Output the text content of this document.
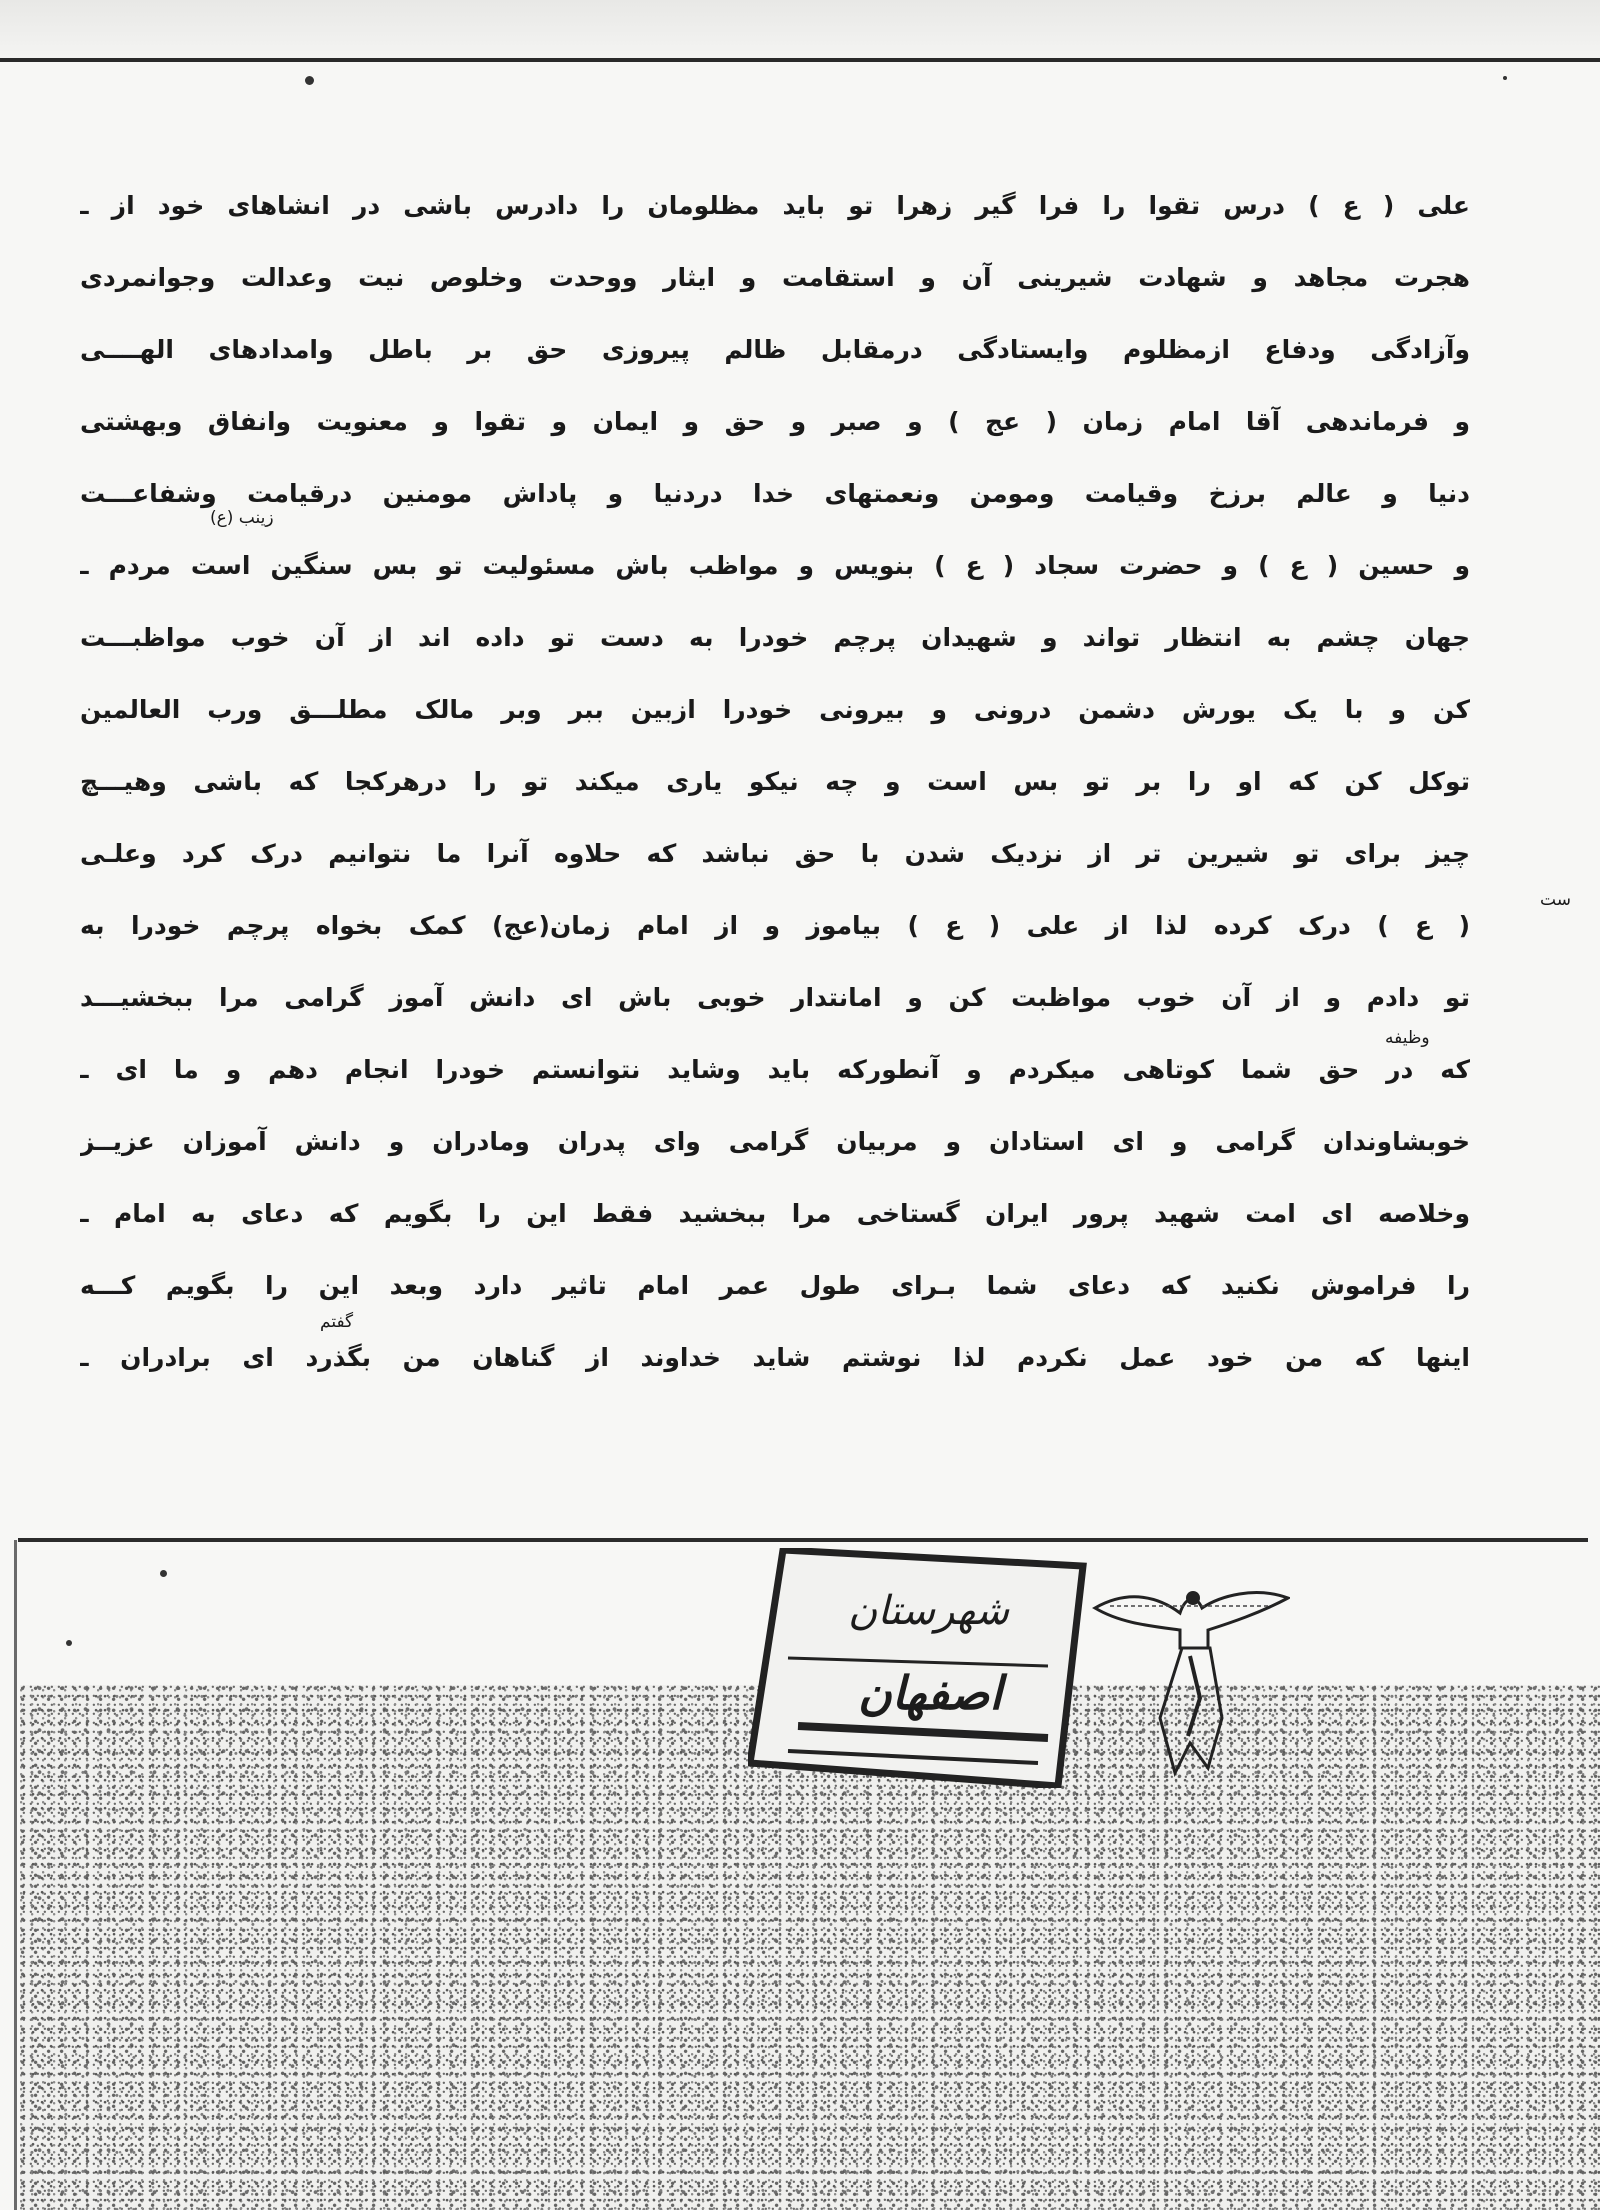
علی ( ع ) درس تقوا را فرا گیر زهرا تو باید مظلومان را دادرس باشی در انشاهای خود از ـ
هجرت مجاهد و شهادت شیرینی آن و استقامت و ایثار ووحدت وخلوص نیت وعدالت وجوانمردی
وآزادگی ودفاع ازمظلوم وایستادگی درمقابل ظالم پیروزی حق بر باطل وامدادهای الهــــی
و فرماندهی آقا امام زمان ( عج ) و صبر و حق و ایمان و تقوا و معنویت وانفاق وبهشتی
دنیا و عالم برزخ وقیامت ومومن ونعمتهای خدا دردنیا و پاداش مومنین درقیامت وشفاعـــت
و حسین ( ع ) و حضرت سجاد ( ع ) بنویس و مواظب باش مسئولیت تو بس سنگین است مردم ـ
جهان چشم به انتظار تواند و شهیدان پرچم خودرا به دست تو داده اند از آن خوب مواظبـــت
کن و با یک یورش دشمن درونی و بیرونی خودرا ازبین ببر وبر مالک مطلـــق ورب العالمین
توکل کن که او را بر تو بس است و چه نیکو یاری میکند تو را درهرکجا که باشی وهیـــچ
چیز برای تو شیرین تر از نزدیک شدن با حق نباشد که حلاوه آنرا ما نتوانیم درک کرد وعلـی
( ع ) درک کرده لذا از علی ( ع ) بیاموز و از امام زمان(عج) کمک بخواه پرچم خودرا به
تو دادم و از آن خوب مواظبت کن و امانتدار خوبی باش ای دانش آموز گرامی مرا ببخشیـــد
که در حق شما کوتاهی میکردم و آنطورکه باید وشاید نتوانستم خودرا انجام دهم و ما ای ـ
خوبشاوندان گرامی و ای استادان و مربیان گرامی وای پدران ومادران و دانش آموزان عزیــز
وخلاصه ای امت شهید پرور ایران گستاخی مرا ببخشید فقط این را بگویم که دعای به امام ـ
را فراموش نکنید که دعای شما بـرای طول عمر امام تاثیر دارد وبعد این را بگویم کـــه
اینها که من خود عمل نکردم لذا نوشتم شاید خداوند از گناهان من بگذرد ای برادران ـ
زینب (ع)
وظیفه
گفتم
ست
شهرستان
اصفهان
